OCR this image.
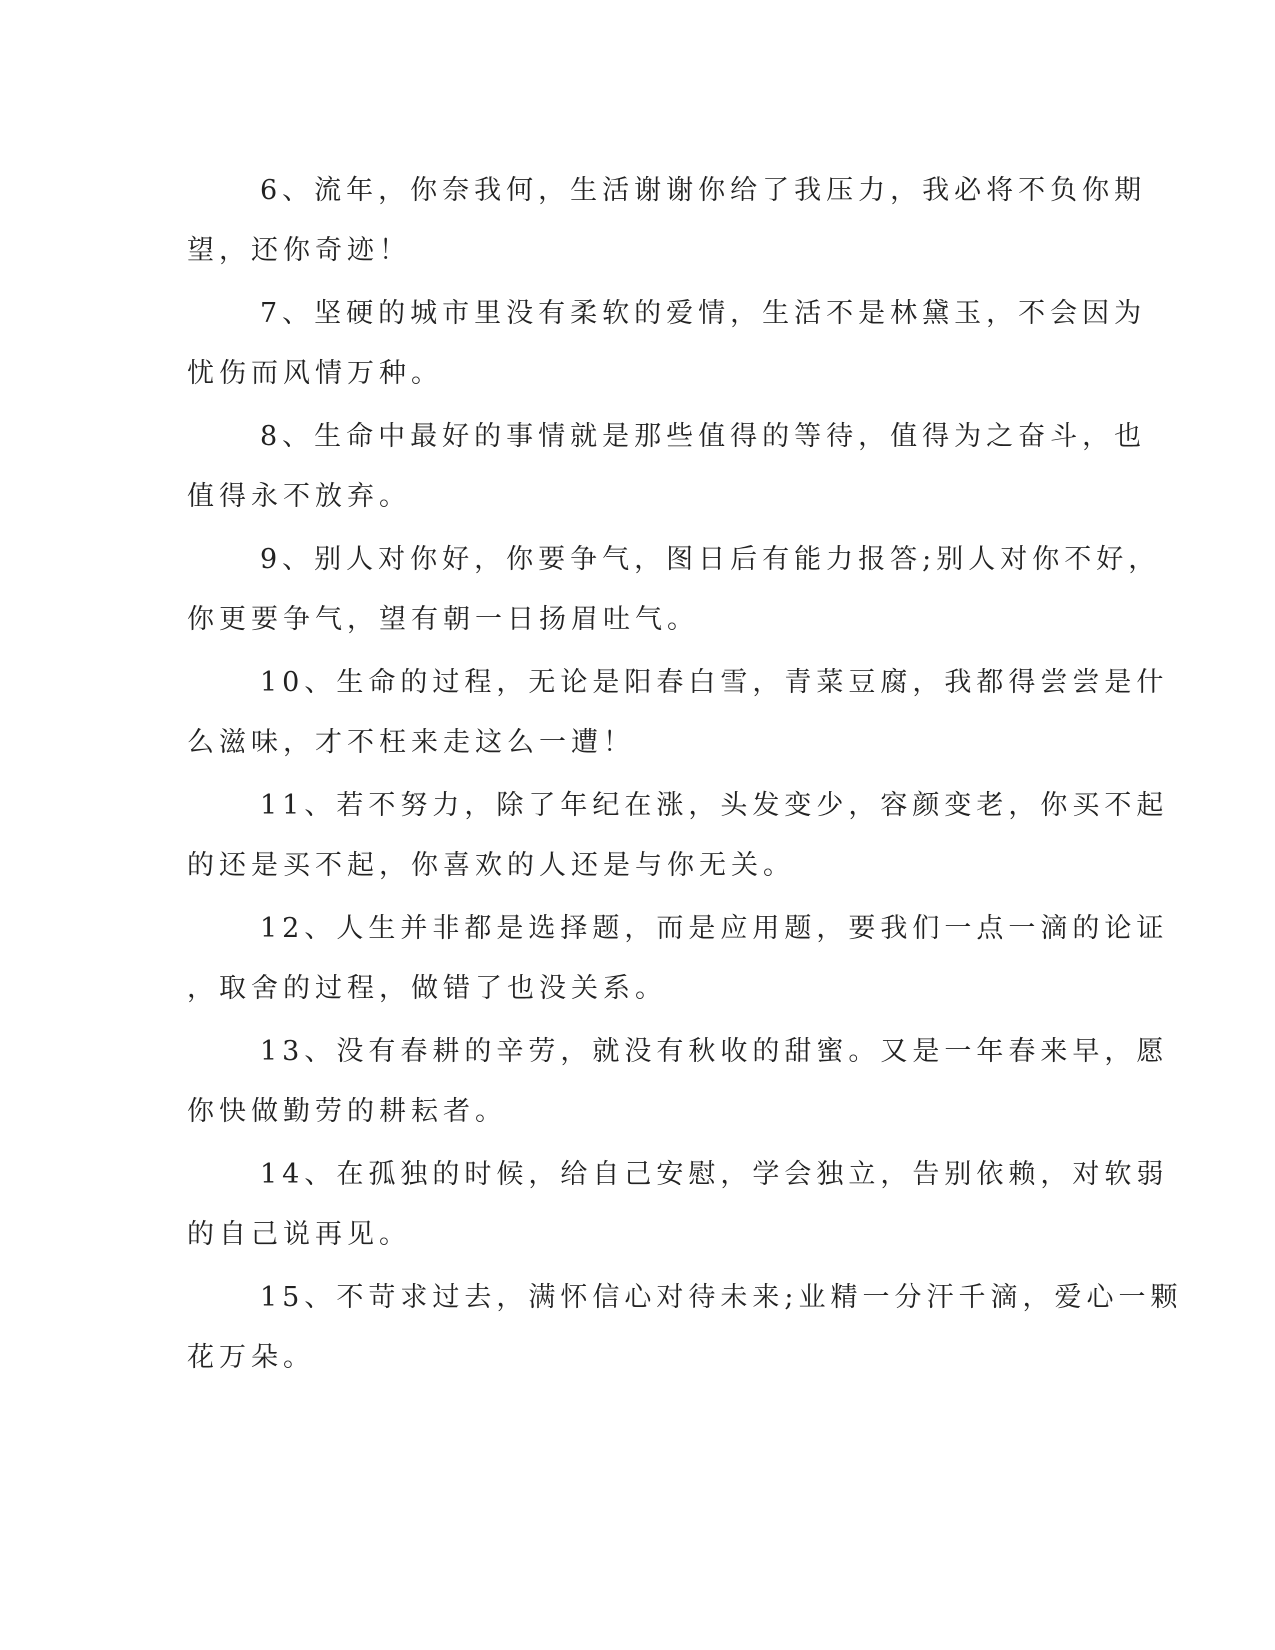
6、流年，你奈我何，生活谢谢你给了我压力，我必将不负你期
望，还你奇迹！

7、坚硬的城市里没有柔软的爱情，生活不是林黛玉，不会因为
忧伤而风情万种。

8、生命中最好的事情就是那些值得的等待，值得为之奋斗，也
值得永不放弃。

9、别人对你好，你要争气，图日后有能力报答;别人对你不好，
你更要争气，望有朝一日扬眉吐气。

10、生命的过程，无论是阳春白雪，青菜豆腐，我都得尝尝是什
么滋味，才不枉来走这么一遭！

11、若不努力，除了年纪在涨，头发变少，容颜变老，你买不起
的还是买不起，你喜欢的人还是与你无关。

12、人生并非都是选择题，而是应用题，要我们一点一滴的论证
，取舍的过程，做错了也没关系。

13、没有春耕的辛劳，就没有秋收的甜蜜。又是一年春来早，愿
你快做勤劳的耕耘者。

14、在孤独的时候，给自己安慰，学会独立，告别依赖，对软弱
的自己说再见。

15、不苛求过去，满怀信心对待未来;业精一分汗千滴，爱心一颗
花万朵。
